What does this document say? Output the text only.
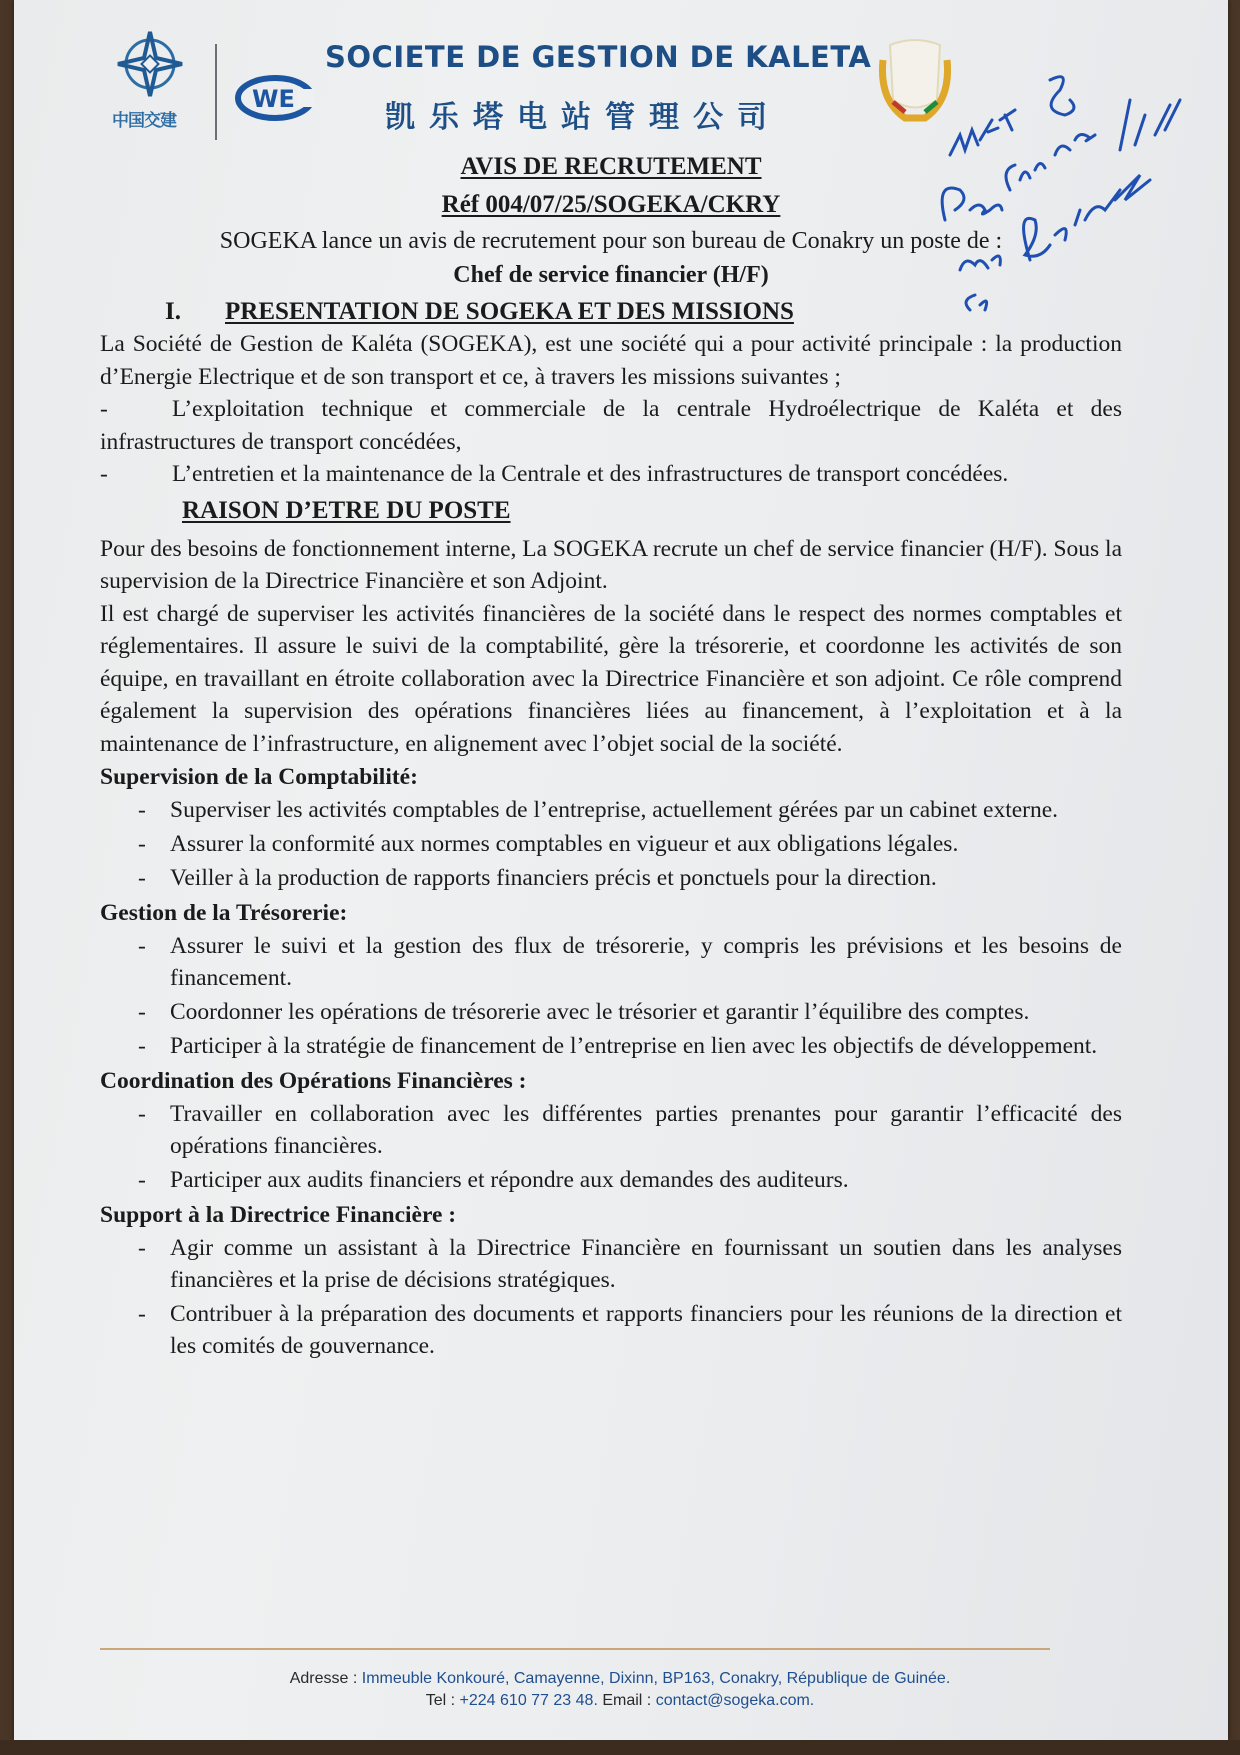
中国交建
WE
SOCIETE DE GESTION DE KALETA
凯乐塔电站管理公司
AVIS DE RECRUTEMENT
Réf 004/07/25/SOGEKA/CKRY
SOGEKA lance un avis de recrutement pour son bureau de Conakry un poste de :
Chef de service financier (H/F)
I. PRESENTATION DE SOGEKA ET DES MISSIONS

La Société de Gestion de Kaléta (SOGEKA), est une société qui a pour activité principale : la production d’Energie Electrique et de son transport et ce, à travers les missions suivantes ;

-	L’exploitation technique et commerciale de la centrale Hydroélectrique de Kaléta et des infrastructures de transport concédées,
-	L’entretien et la maintenance de la Centrale et des infrastructures de transport concédées.
RAISON D’ETRE DU POSTE

Pour des besoins de fonctionnement interne, La SOGEKA recrute un chef de service financier (H/F). Sous la supervision de la Directrice Financière et son Adjoint.

Il est chargé de superviser les activités financières de la société dans le respect des normes comptables et réglementaires. Il assure le suivi de la comptabilité, gère la trésorerie, et coordonne les activités de son équipe, en travaillant en étroite collaboration avec la Directrice Financière et son adjoint. Ce rôle comprend également la supervision des opérations financières liées au financement, à l’exploitation et à la maintenance de l’infrastructure, en alignement avec l’objet social de la société.

Supervision de la Comptabilité:
- Superviser les activités comptables de l’entreprise, actuellement gérées par un cabinet externe.
- Assurer la conformité aux normes comptables en vigueur et aux obligations légales.
- Veiller à la production de rapports financiers précis et ponctuels pour la direction.
Gestion de la Trésorerie:
- Assurer le suivi et la gestion des flux de trésorerie, y compris les prévisions et les besoins de financement.
- Coordonner les opérations de trésorerie avec le trésorier et garantir l’équilibre des comptes.
- Participer à la stratégie de financement de l’entreprise en lien avec les objectifs de développement.
Coordination des Opérations Financières :
- Travailler en collaboration avec les différentes parties prenantes pour garantir l’efficacité des opérations financières.
- Participer aux audits financiers et répondre aux demandes des auditeurs.
Support à la Directrice Financière :
- Agir comme un assistant à la Directrice Financière en fournissant un soutien dans les analyses financières et la prise de décisions stratégiques.
- Contribuer à la préparation des documents et rapports financiers pour les réunions de la direction et les comités de gouvernance.
Adresse : Immeuble Konkouré, Camayenne, Dixinn, BP163, Conakry, République de Guinée.
Tel : +224 610 77 23 48. Email : contact@sogeka.com.
